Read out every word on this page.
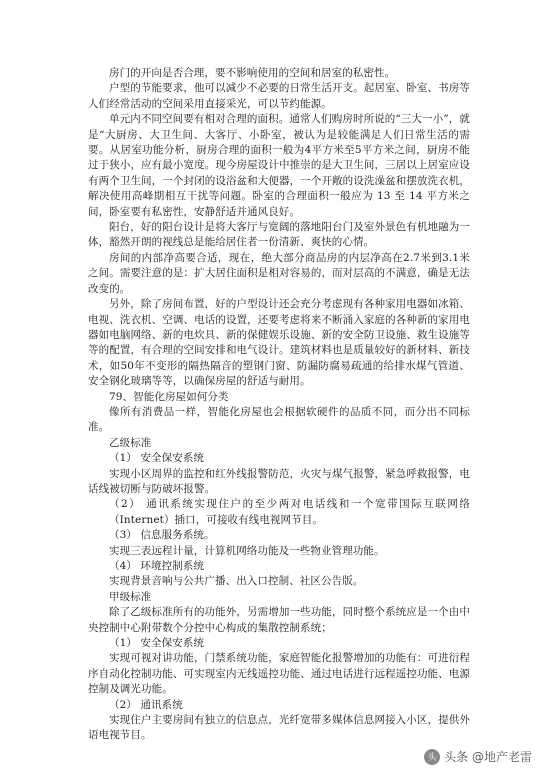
房门的开向是否合理，要不影响使用的空间和居室的私密性。

户型的节能要求，他可以减少不必要的日常生活开支。起居室、卧室、书房等人们经常活动的空间采用直接采光，可以节约能源。

单元内不同空间要有相对合理的面积。通常人们购房时所说的“三大一小”，就是“大厨房、大卫生间、大客厅、小卧室，被认为是较能满足人们日常生活的需要。从居室功能分析，厨房合理的面积一般为4平方米至5平方米之间，厨房不能过于狭小，应有最小宽度。现今房屋设计中推崇的是大卫生间，三居以上居室应设有两个卫生间，一个封闭的设浴盆和大便器，一个开敞的设洗澡盆和摆放洗衣机，解决使用高峰期相互干扰等问题。卧室的合理面积一般应为 13 至 14 平方米之间，卧室要有私密性，安静舒适并通风良好。

阳台，好的阳台设计是将大客厅与宽阔的落地阳台门及室外景色有机地融为一体，豁然开朗的视线总是能给居住者一份清新、爽快的心情。

房间的内部净高要合适，现在，绝大部分商品房的内层净高在2.7米到3.1米之间。需要注意的是：扩大居住面积是相对容易的，而对层高的不满意，确是无法改变的。

另外，除了房间布置，好的户型设计还会充分考虑现有各种家用电器如冰箱、电视、洗衣机、空调、电话的设置，还要考虑将来不断涌入家庭的各种新的家用电器如电脑网络、新的电炊具、新的保健娱乐设施、新的安全防卫设施、救生设施等等的配置，有合理的空间安排和电气设计。建筑材料也是质量较好的新材料、新技术，如50年不变形的隔热隔音的塑钢门窗、防漏防腐易疏通的给排水煤气管道、安全钢化玻璃等等，以确保房屋的舒适与耐用。

79、智能化房屋如何分类

像所有消费品一样，智能化房屋也会根据软硬件的品质不同，而分出不同标准。

乙级标准

（1） 安全保安系统

实现小区周界的监控和红外线报警防范，火灾与煤气报警，紧急呼救报警，电话线被切断与防破坏报警。

（2） 通讯系统实现住户的至少两对电话线和一个宽带国际互联网络（Internet）插口，可接收有线电视网节目。

（3） 信息服务系统。

实现三表远程计量，计算机网络功能及一些物业管理功能。

（4） 环境控制系统

实现背景音响与公共广播、出入口控制、社区公告版。

甲级标准

除了乙级标准所有的功能外，另需增加一些功能，同时整个系统应是一个由中央控制中心附带数个分控中心构成的集散控制系统；

（1） 安全保安系统

实现可视对讲功能，门禁系统功能，家庭智能化报警增加的功能有：可进衍程序自动化控制功能、可实现室内无线遥控功能、通过电话进行远程遥控功能、电源控制及调光功能。

（2） 通讯系统

实现住户主要房间有独立的信息点，光纤宽带多媒体信息网接入小区，提供外语电视节目。

头 头条 @地产老雷
